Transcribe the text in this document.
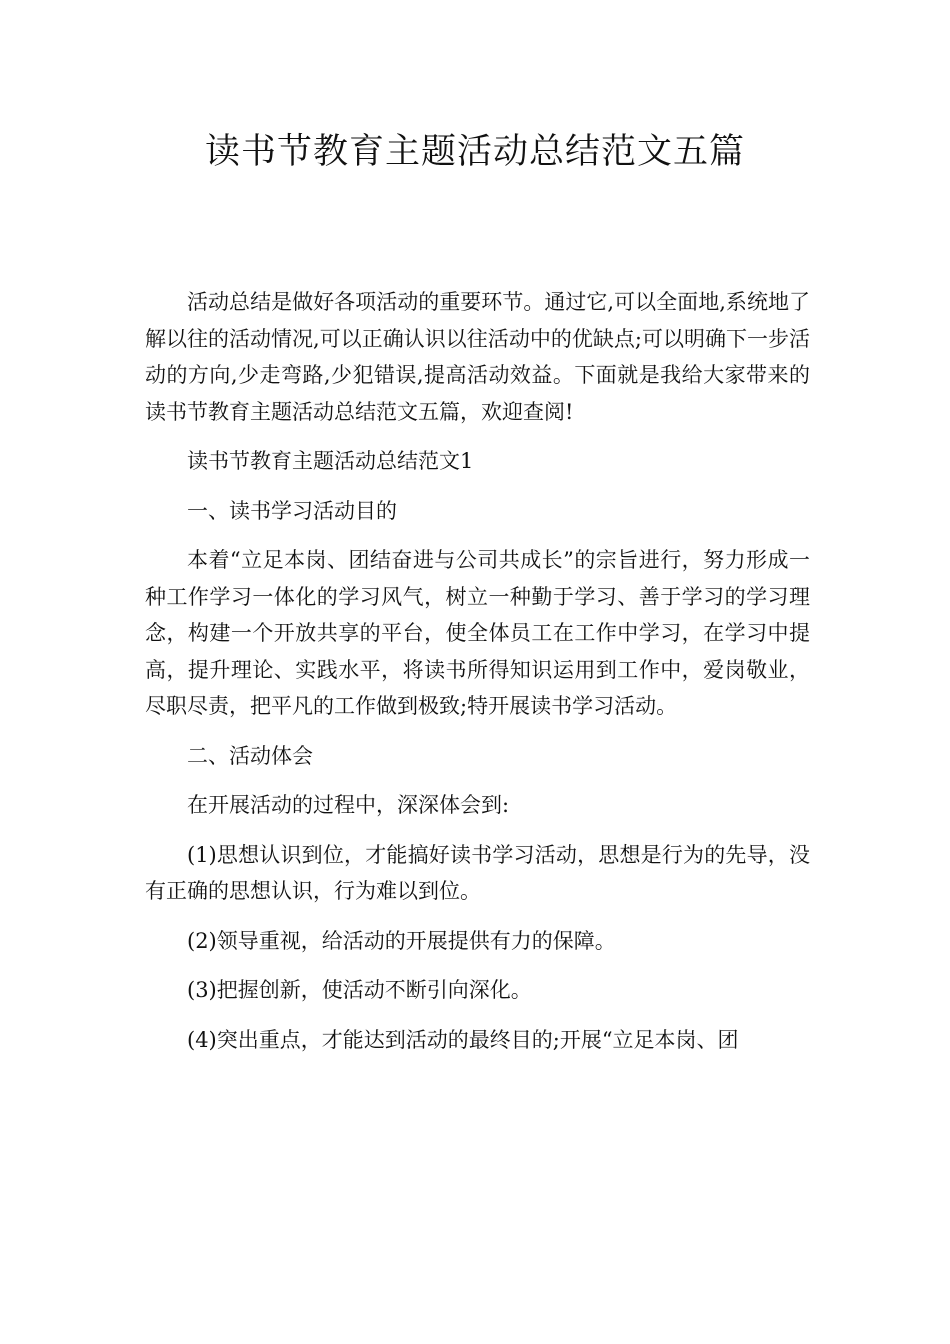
读书节教育主题活动总结范文五篇

活动总结是做好各项活动的重要环节。通过它,可以全面地,系统地了解以往的活动情况,可以正确认识以往活动中的优缺点;可以明确下一步活动的方向,少走弯路,少犯错误,提高活动效益。下面就是我给大家带来的读书节教育主题活动总结范文五篇，欢迎查阅!

读书节教育主题活动总结范文1

一、读书学习活动目的

本着“立足本岗、团结奋进与公司共成长”的宗旨进行，努力形成一种工作学习一体化的学习风气，树立一种勤于学习、善于学习的学习理念，构建一个开放共享的平台，使全体员工在工作中学习，在学习中提高，提升理论、实践水平，将读书所得知识运用到工作中，爱岗敬业，尽职尽责，把平凡的工作做到极致;特开展读书学习活动。

二、活动体会

在开展活动的过程中，深深体会到:

(1)思想认识到位，才能搞好读书学习活动，思想是行为的先导，没有正确的思想认识，行为难以到位。

(2)领导重视，给活动的开展提供有力的保障。

(3)把握创新，使活动不断引向深化。

(4)突出重点，才能达到活动的最终目的;开展“立足本岗、团
